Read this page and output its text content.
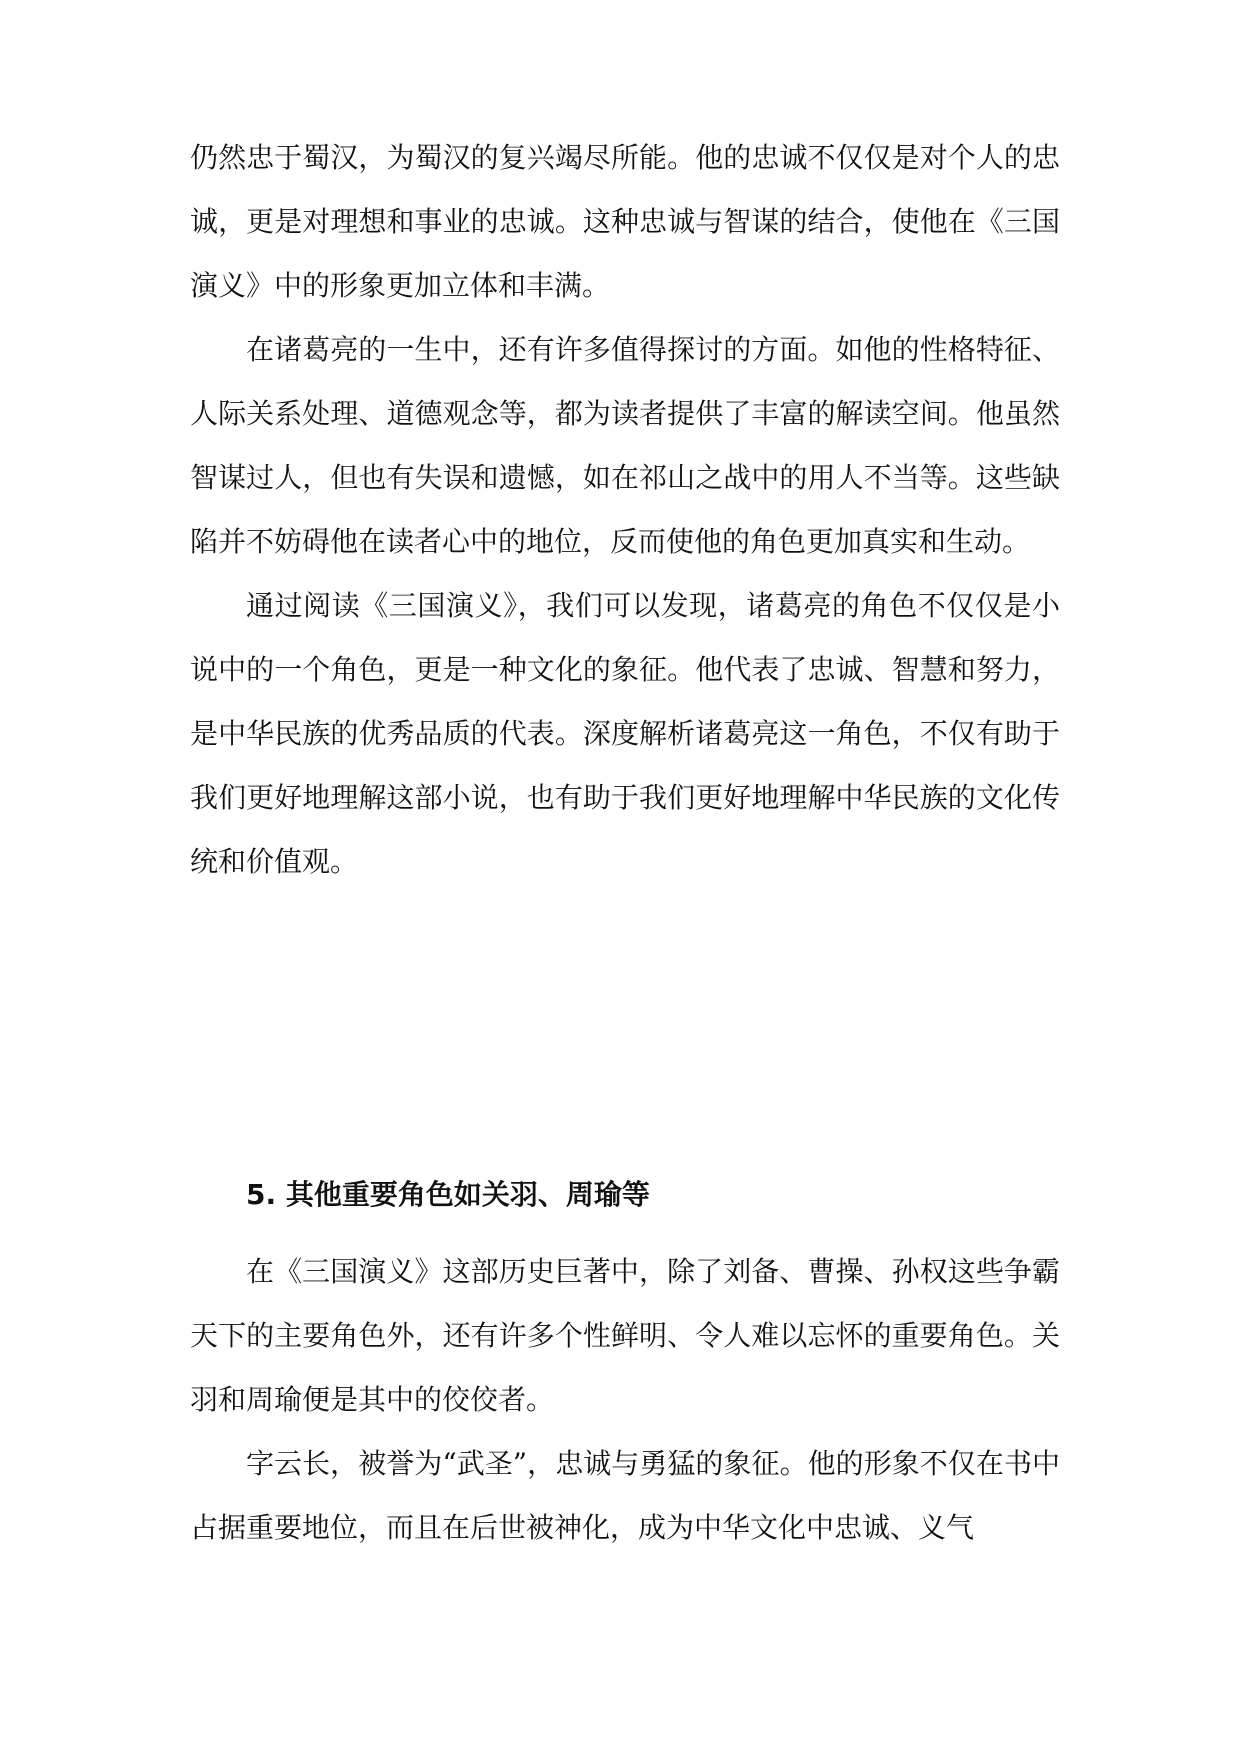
仍然忠于蜀汉，为蜀汉的复兴竭尽所能。他的忠诚不仅仅是对个人的忠诚，更是对理想和事业的忠诚。这种忠诚与智谋的结合，使他在《三国演义》中的形象更加立体和丰满。

在诸葛亮的一生中，还有许多值得探讨的方面。如他的性格特征、人际关系处理、道德观念等，都为读者提供了丰富的解读空间。他虽然智谋过人，但也有失误和遗憾，如在祁山之战中的用人不当等。这些缺陷并不妨碍他在读者心中的地位，反而使他的角色更加真实和生动。

通过阅读《三国演义》，我们可以发现，诸葛亮的角色不仅仅是小说中的一个角色，更是一种文化的象征。他代表了忠诚、智慧和努力，是中华民族的优秀品质的代表。深度解析诸葛亮这一角色，不仅有助于我们更好地理解这部小说，也有助于我们更好地理解中华民族的文化传统和价值观。

5. 其他重要角色如关羽、周瑜等

在《三国演义》这部历史巨著中，除了刘备、曹操、孙权这些争霸天下的主要角色外，还有许多个性鲜明、令人难以忘怀的重要角色。关羽和周瑜便是其中的佼佼者。

字云长，被誉为“武圣”，忠诚与勇猛的象征。他的形象不仅在书中占据重要地位，而且在后世被神化，成为中华文化中忠诚、义气
